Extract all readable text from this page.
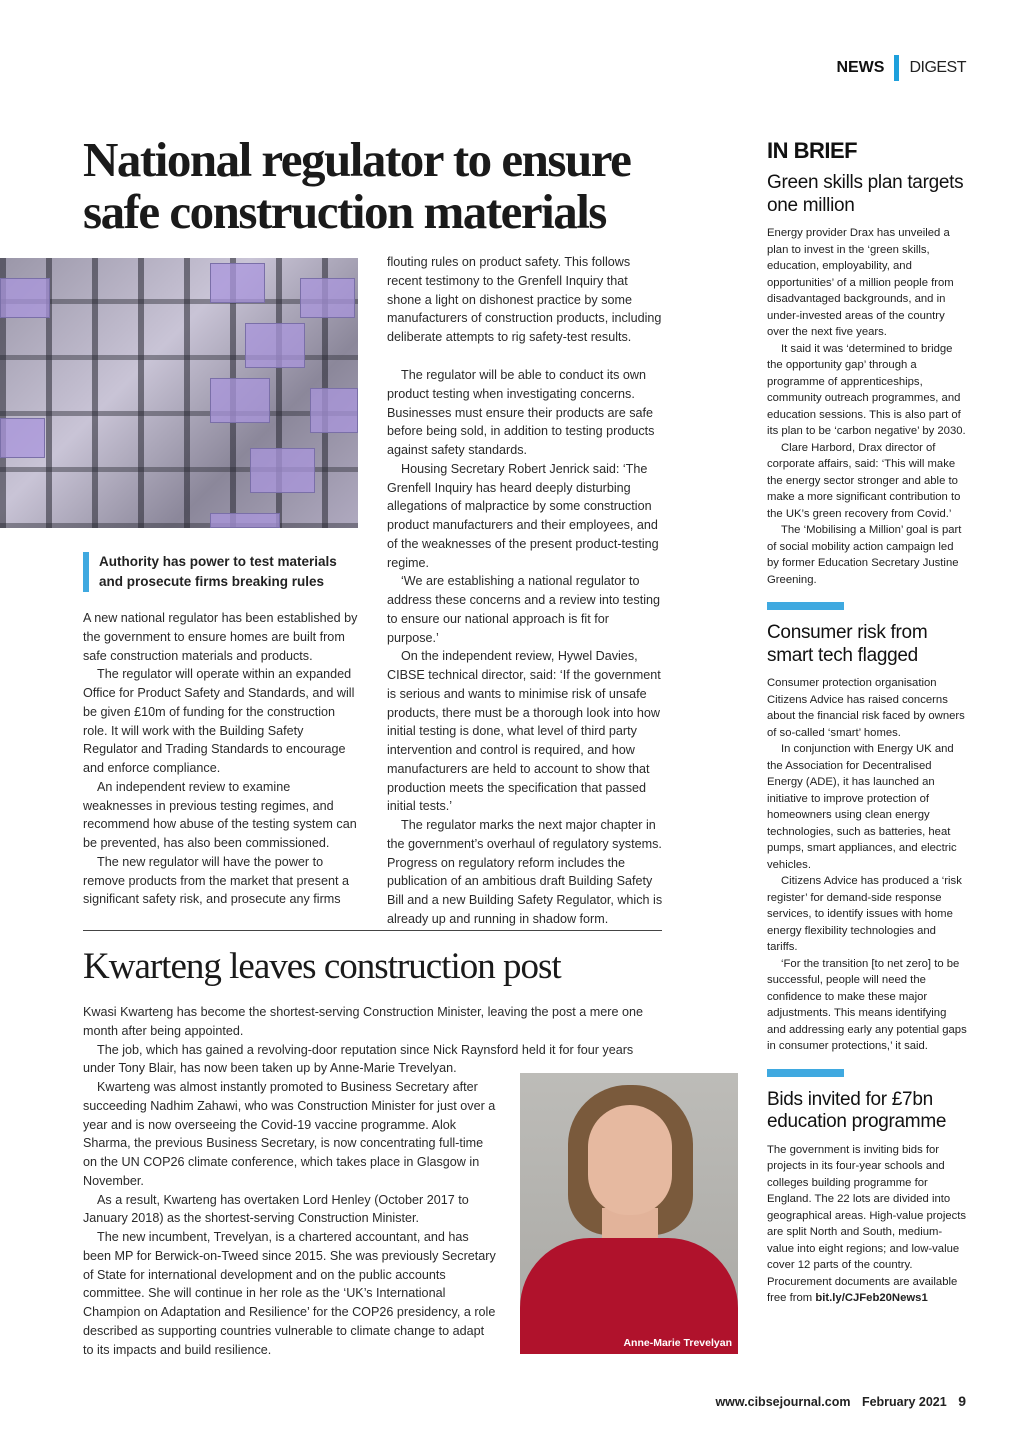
NEWS DIGEST
National regulator to ensure safe construction materials
Authority has power to test materials and prosecute firms breaking rules

A new national regulator has been established by the government to ensure homes are built from safe construction materials and products.

The regulator will operate within an expanded Office for Product Safety and Standards, and will be given £10m of funding for the construction role. It will work with the Building Safety Regulator and Trading Standards to encourage and enforce compliance.

An independent review to examine weaknesses in previous testing regimes, and recommend how abuse of the testing system can be prevented, has also been commissioned.

The new regulator will have the power to remove products from the market that present a significant safety risk, and prosecute any firms

flouting rules on product safety. This follows recent testimony to the Grenfell Inquiry that shone a light on dishonest practice by some manufacturers of construction products, including deliberate attempts to rig safety-test results.

The regulator will be able to conduct its own product testing when investigating concerns. Businesses must ensure their products are safe before being sold, in addition to testing products against safety standards.

Housing Secretary Robert Jenrick said: ‘The Grenfell Inquiry has heard deeply disturbing allegations of malpractice by some construction product manufacturers and their employees, and of the weaknesses of the present product-testing regime.

‘We are establishing a national regulator to address these concerns and a review into testing to ensure our national approach is fit for purpose.’

On the independent review, Hywel Davies, CIBSE technical director, said: ‘If the government is serious and wants to minimise risk of unsafe products, there must be a thorough look into how initial testing is done, what level of third party intervention and control is required, and how manufacturers are held to account to show that production meets the specification that passed initial tests.’

The regulator marks the next major chapter in the government’s overhaul of regulatory systems. Progress on regulatory reform includes the publication of an ambitious draft Building Safety Bill and a new Building Safety Regulator, which is already up and running in shadow form.

Kwarteng leaves construction post

Kwasi Kwarteng has become the shortest-serving Construction Minister, leaving the post a mere one month after being appointed.

The job, which has gained a revolving-door reputation since Nick Raynsford held it for four years under Tony Blair, has now been taken up by Anne-Marie Trevelyan.

Kwarteng was almost instantly promoted to Business Secretary after succeeding Nadhim Zahawi, who was Construction Minister for just over a year and is now overseeing the Covid-19 vaccine programme. Alok Sharma, the previous Business Secretary, is now concentrating full-time on the UN COP26 climate conference, which takes place in Glasgow in November.

As a result, Kwarteng has overtaken Lord Henley (October 2017 to January 2018) as the shortest-serving Construction Minister.

The new incumbent, Trevelyan, is a chartered accountant, and has been MP for Berwick-on-Tweed since 2015. She was previously Secretary of State for international development and on the public accounts committee. She will continue in her role as the ‘UK’s International Champion on Adaptation and Resilience’ for the COP26 presidency, a role described as supporting countries vulnerable to climate change to adapt to its impacts and build resilience.	Anne-Marie Trevelyan
IN BRIEF
Green skills plan targets one million

Energy provider Drax has unveiled a plan to invest in the ‘green skills, education, employability, and opportunities’ of a million people from disadvantaged backgrounds, and in under-invested areas of the country over the next five years.

It said it was ‘determined to bridge the opportunity gap’ through a programme of apprenticeships, community outreach programmes, and education sessions. This is also part of its plan to be ‘carbon negative’ by 2030.

Clare Harbord, Drax director of corporate affairs, said: ‘This will make the energy sector stronger and able to make a more significant contribution to the UK’s green recovery from Covid.’

The ‘Mobilising a Million’ goal is part of social mobility action campaign led by former Education Secretary Justine Greening.

Consumer risk from smart tech flagged

Consumer protection organisation Citizens Advice has raised concerns about the financial risk faced by owners of so-called ‘smart’ homes.

In conjunction with Energy UK and the Association for Decentralised Energy (ADE), it has launched an initiative to improve protection of homeowners using clean energy technologies, such as batteries, heat pumps, smart appliances, and electric vehicles.

Citizens Advice has produced a ‘risk register’ for demand-side response services, to identify issues with home energy flexibility technologies and tariffs.

‘For the transition [to net zero] to be successful, people will need the confidence to make these major adjustments. This means identifying and addressing early any potential gaps in consumer protections,’ it said.

Bids invited for £7bn education programme

The government is inviting bids for projects in its four-year schools and colleges building programme for England. The 22 lots are divided into geographical areas. High-value projects are split North and South, medium-value into eight regions; and low-value cover 12 parts of the country. Procurement documents are available free from bit.ly/CJFeb20News1

www.cibsejournal.com February 2021 9
